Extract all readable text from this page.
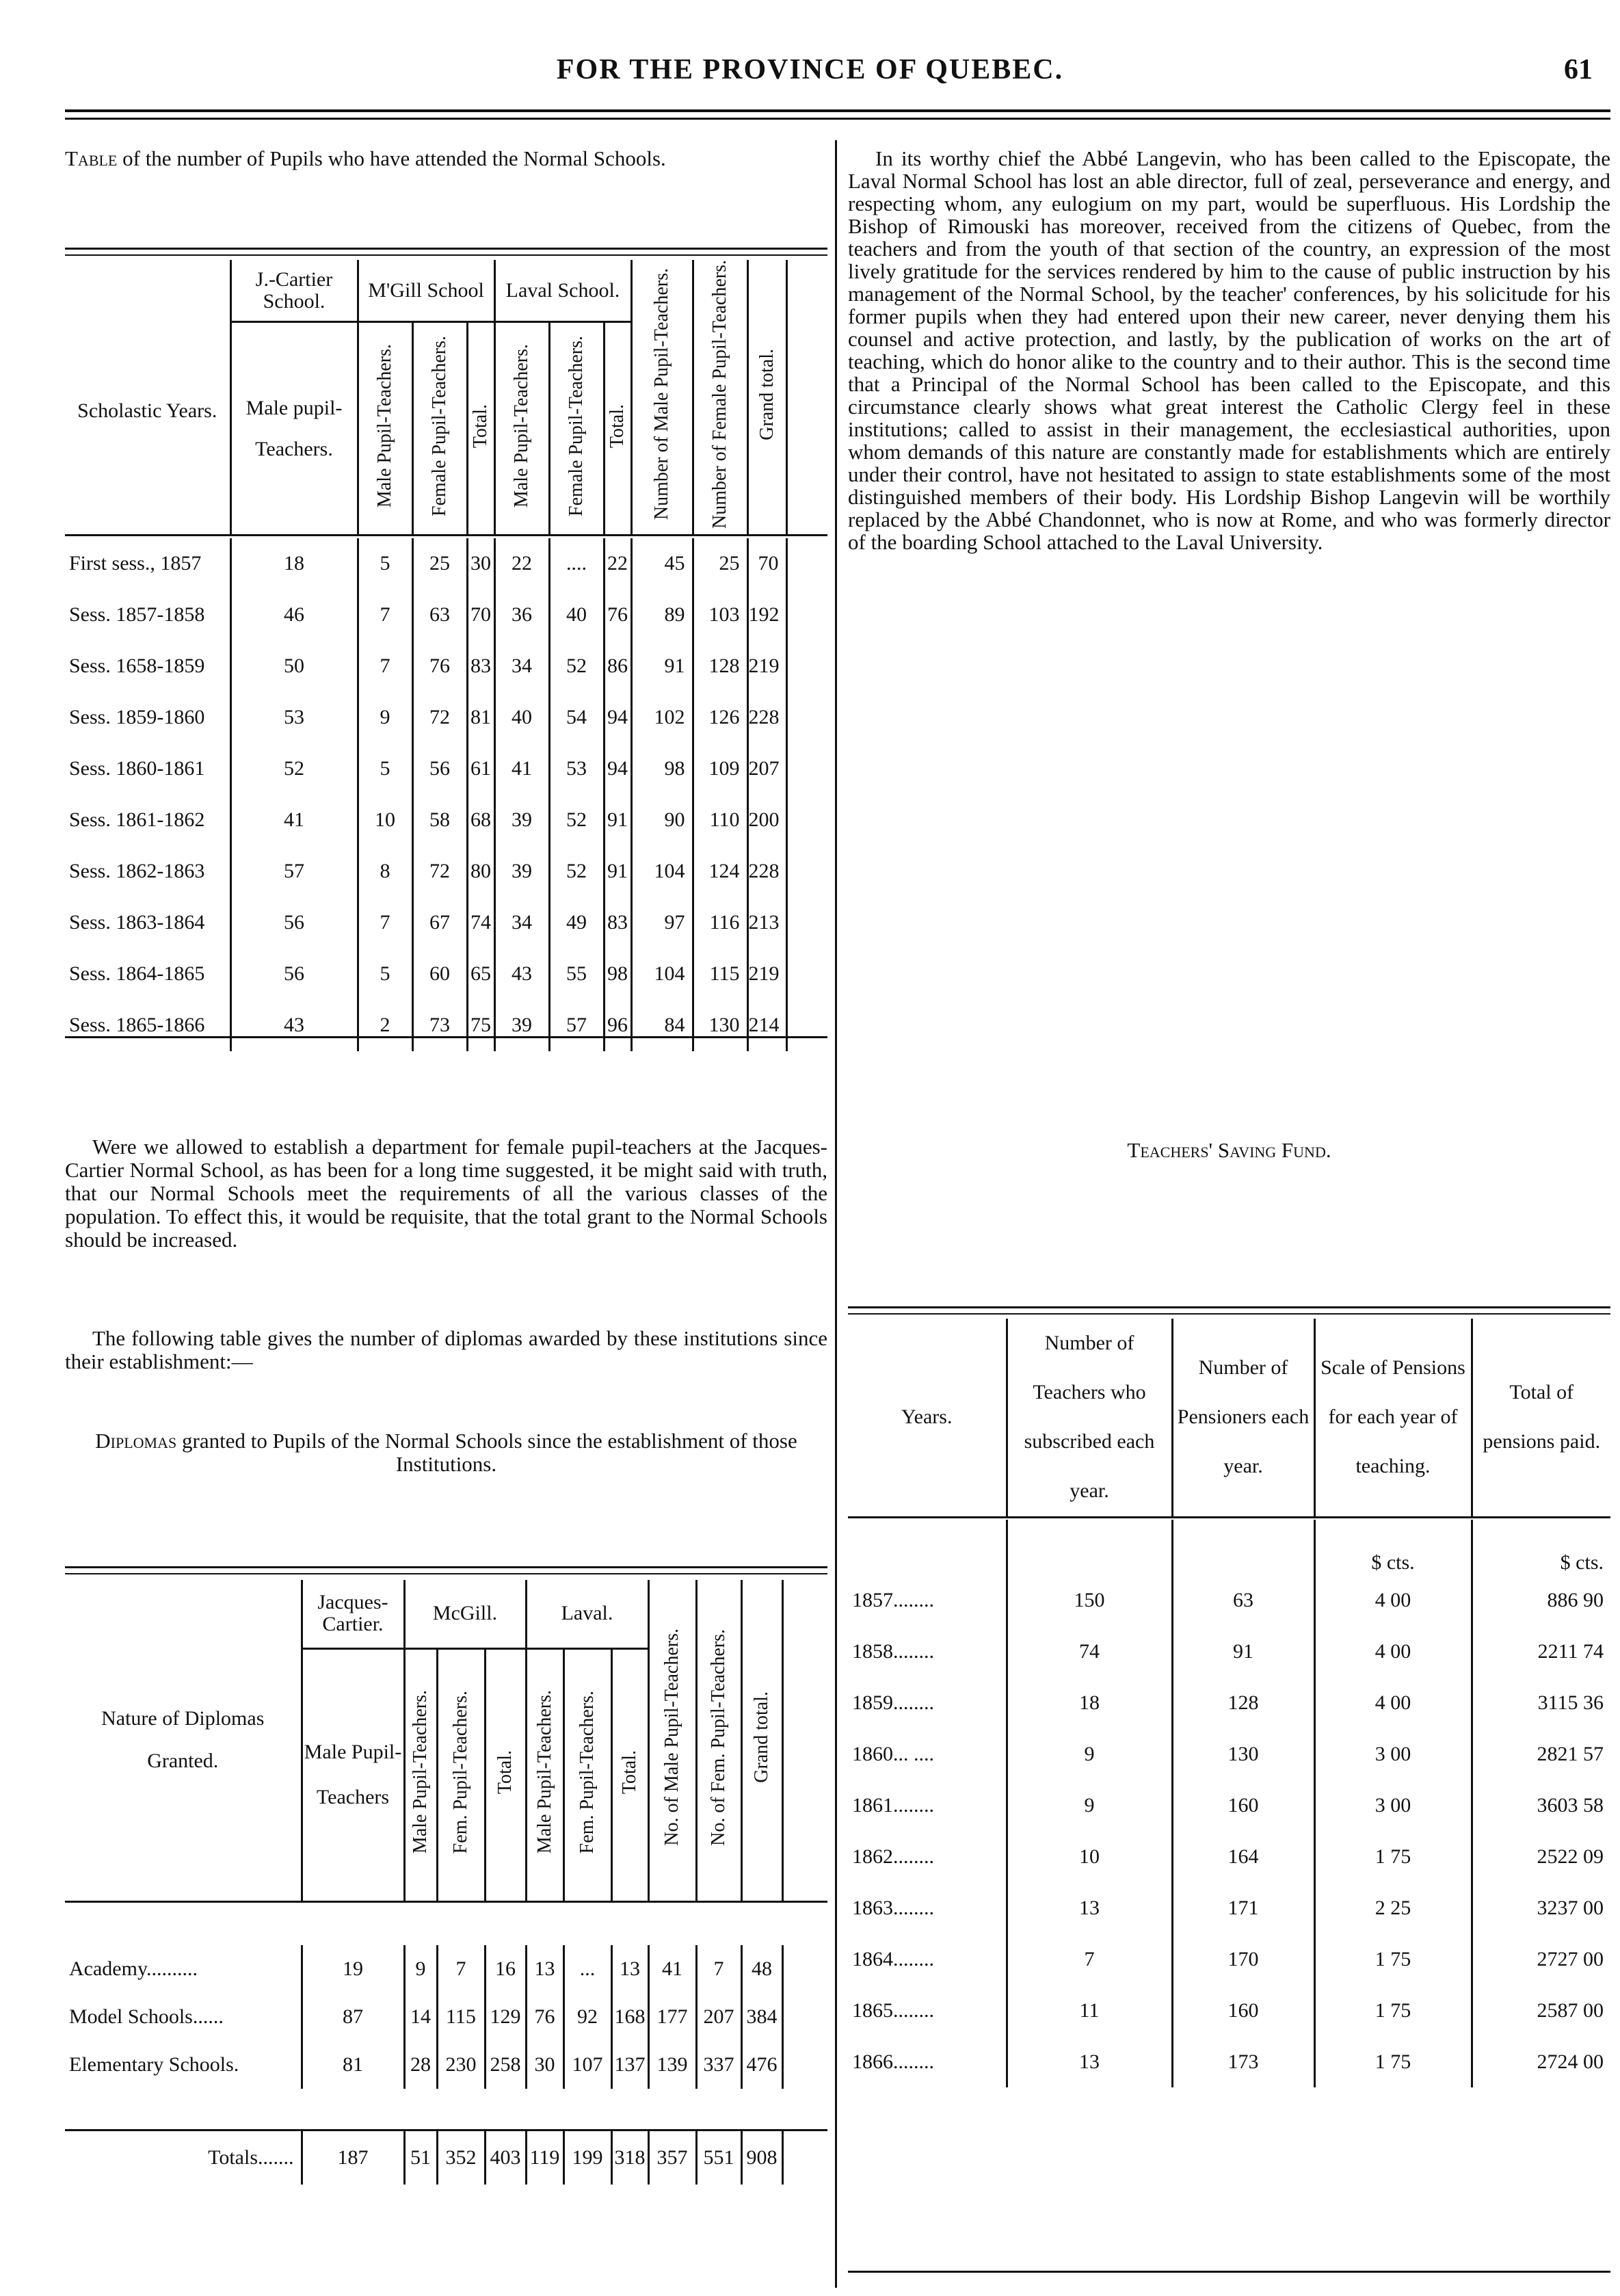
FOR THE PROVINCE OF QUEBEC.	61
Table of the number of Pupils who have attended the Normal Schools.
Scholastic Years.	J.-Cartier School.	M'Gill School			Laval School.			Number of Male Pupil-Teachers.	Number of Female Pupil-Teachers.	Grand total.	
	Male pupil-Teachers.	Male Pupil-Teachers.	Female Pupil-Teachers.	Total.	Male Pupil-Teachers.	Female Pupil-Teachers.	Total.				

First sess., 1857	18	5	25	30	22	....	22	45	25	70	
Sess. 1857-1858	46	7	63	70	36	40	76	89	103	192	
Sess. 1658-1859	50	7	76	83	34	52	86	91	128	219	
Sess. 1859-1860	53	9	72	81	40	54	94	102	126	228	
Sess. 1860-1861	52	5	56	61	41	53	94	98	109	207	
Sess. 1861-1862	41	10	58	68	39	52	91	90	110	200	
Sess. 1862-1863	57	8	72	80	39	52	91	104	124	228	
Sess. 1863-1864	56	7	67	74	34	49	83	97	116	213	
Sess. 1864-1865	56	5	60	65	43	55	98	104	115	219	
Sess. 1865-1866	43	2	73	75	39	57	96	84	130	214	
Were we allowed to establish a department for female pupil-teachers at the Jacques-Cartier Normal School, as has been for a long time suggested, it be might said with truth, that our Normal Schools meet the requirements of all the various classes of the population. To effect this, it would be requisite, that the total grant to the Normal Schools should be increased.
The following table gives the number of diplomas awarded by these institutions since their establishment:—
Diplomas granted to Pupils of the Normal Schools since the establishment of those Institutions.
Nature of Diplomas Granted.	Jacques-Cartier.	McGill.			Laval.			No. of Male Pupil-Teachers.	No. of Fem. Pupil-Teachers.	Grand total.	
	Male Pupil-Teachers	Male Pupil-Teachers.	Fem. Pupil-Teachers.	Total.	Male Pupil-Teachers.	Fem. Pupil-Teachers.	Total.				

Academy..........	19	9	7	16	13	...	13	41	7	48	
Model Schools......	87	14	115	129	76	92	168	177	207	384	
Elementary Schools.	81	28	230	258	30	107	137	139	337	476	

Totals.......	187	51	352	403	119	199	318	357	551	908	
In its worthy chief the Abbé Langevin, who has been called to the Episcopate, the Laval Normal School has lost an able director, full of zeal, perseverance and energy, and respecting whom, any eulogium on my part, would be superfluous. His Lordship the Bishop of Rimouski has moreover, received from the citizens of Quebec, from the teachers and from the youth of that section of the country, an expression of the most lively gratitude for the services rendered by him to the cause of public instruction by his management of the Normal School, by the teacher' conferences, by his solicitude for his former pupils when they had entered upon their new career, never denying them his counsel and active protection, and lastly, by the publication of works on the art of teaching, which do honor alike to the country and to their author. This is the second time that a Principal of the Normal School has been called to the Episcopate, and this circumstance clearly shows what great interest the Catholic Clergy feel in these institutions; called to assist in their management, the ecclesiastical authorities, upon whom demands of this nature are constantly made for establishments which are entirely under their control, have not hesitated to assign to state establishments some of the most distinguished members of their body. His Lordship Bishop Langevin will be worthily replaced by the Abbé Chandonnet, who is now at Rome, and who was formerly director of the boarding School attached to the Laval University.
Teachers' Saving Fund.
Years.	Number of Teachers who subscribed each year.	Number of Pensioners each year.	Scale of Pensions for each year of teaching.	Total of pensions paid.

			$ cts.	$ cts.
1857........	150	63	4 00	886 90
1858........	74	91	4 00	2211 74
1859........	18	128	4 00	3115 36
1860... ....	9	130	3 00	2821 57
1861........	9	160	3 00	3603 58
1862........	10	164	1 75	2522 09
1863........	13	171	2 25	3237 00
1864........	7	170	1 75	2727 00
1865........	11	160	1 75	2587 00
1866........	13	173	1 75	2724 00
